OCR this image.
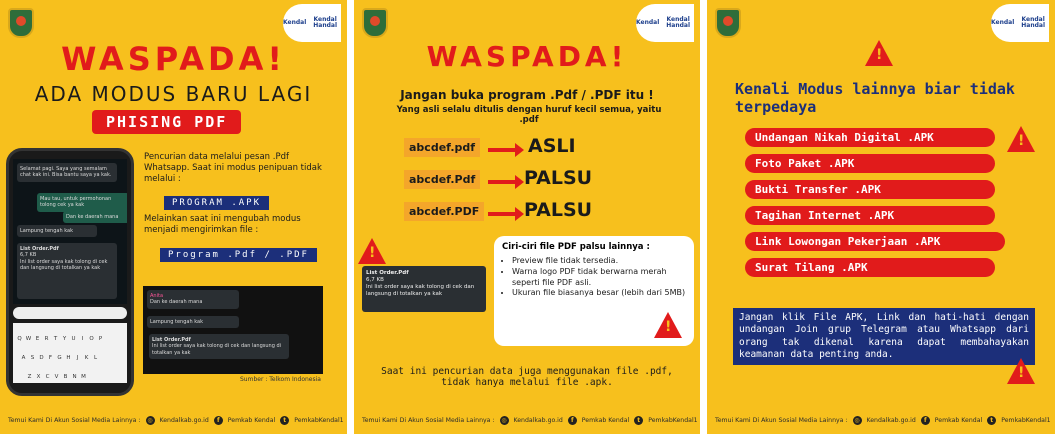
Kendal	Kendal Handal
WASPADA!
ADA MODUS BARU LAGI
PHISING PDF
Selamat pagi. Saya yang semalam chat kak ini. Bisa bantu saya ya kak.
Mau tau, untuk permohonan tolong cek ya kak
Dan ke daerah mana
Lampung tengah kak
List Order.Pdf
6,7 KB
Ini list order saya kak tolong di cek dan langsung di totalkan ya kak
Q W E R T Y U I O P
A S D F G H J K L
Z X C V B N M
Pencurian data melalui pesan .Pdf Whatsapp. Saat ini modus penipuan tidak melalui :
PROGRAM .APK
Melainkan saat ini mengubah modus menjadi mengirimkan file :
Program .Pdf / .PDF
Anita
Dan ke daerah mana
Lampung tengah kak
List Order.Pdf
Ini list order saya kak tolong di cek dan langsung di totalkan ya kak
Sumber : Telkom Indonesia
Temui Kami Di Akun Sosial Media Lainnya :	◎	Kendalkab.go.id	f	Pemkab Kendal	t	PemkabKendal1
Kendal	Kendal Handal
WASPADA!
Jangan buka program .Pdf / .PDF itu !
Yang asli selalu ditulis dengan huruf kecil semua, yaitu .pdf
abcdef.pdf	ASLI
abcdef.Pdf	PALSU
abcdef.PDF PALSU
!
List Order.Pdf
6,7 KB
Ini list order saya kak tolong di cek dan langsung di totalkan ya kak
Ciri-ciri file PDF palsu lainnya :
• Preview file tidak tersedia.
• Warna logo PDF tidak berwarna merah seperti file PDF asli.
• Ukuran file biasanya besar (lebih dari 5MB)
!
Saat ini pencurian data juga menggunakan file .pdf, tidak hanya melalui file .apk.
Temui Kami Di Akun Sosial Media Lainnya :	◎	Kendalkab.go.id	f	Pemkab Kendal	t	PemkabKendal1
Kendal	Kendal Handal
!
Kenali Modus lainnya biar tidak terpedaya
Undangan Nikah Digital .APK
Foto Paket .APK
Bukti Transfer .APK
Tagihan Internet .APK
Link Lowongan Pekerjaan .APK
Surat Tilang .APK
!
Jangan klik File APK, Link dan hati-hati dengan undangan Join grup Telegram atau Whatsapp dari orang tak dikenal karena dapat membahayakan keamanan data penting anda.
!
Temui Kami Di Akun Sosial Media Lainnya :	◎	Kendalkab.go.id	f	Pemkab Kendal	t	PemkabKendal1
